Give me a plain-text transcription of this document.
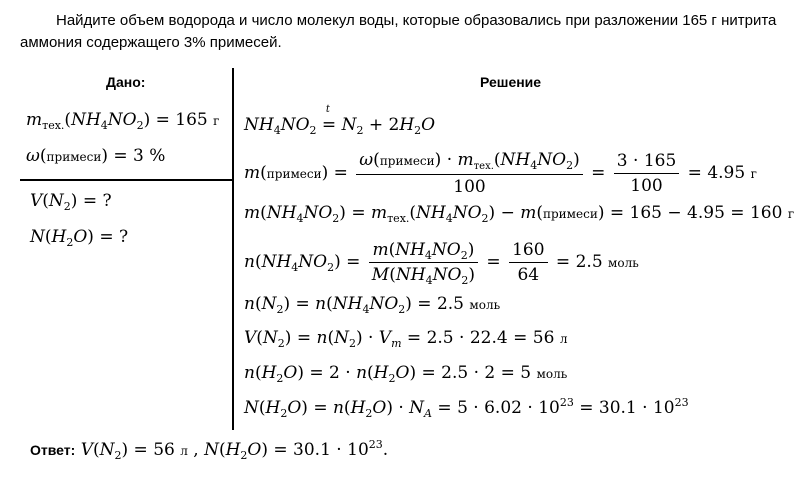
Найдите объем водорода и число молекул воды, которые образовались при разложении 165 г нитрита аммония содержащего 3% примесей.

Дано:	Решение
$m_{тех.}(NH_4NO_2) = 165$ г
ω(примеси) = 3 %
$V(N_2)$ = ?
$N(H_2O)$ = ?
$NH_4NO_2$
t
= $N_2 + 2H_2O$
m(примеси) = $\frac{\omega(примеси) \cdot m_{тех.}(NH_4NO_2)}{100} = \frac{3 \cdot 165}{100} = 4.95$ г
$m(NH_4NO_2) = m_{тех.}(NH_4NO_2)$ − m(примеси) = 165 − 4.95 = 160 г
$n(NH_4NO_2) = \frac{m(NH_4NO_2)}{M(NH_4NO_2)} = \frac{160}{64} = 2.5$ моль
$n(N_2) = n(NH_4NO_2) = 2.5$ моль
$V(N_2) = n(N_2) \cdot V_m = 2.5 \cdot 22.4 = 56$ л
$n(H_2O) = 2 \cdot n(H_2O) = 2.5 \cdot 2 = 5$ моль
$N(H_2O) = n(H_2O) \cdot N_A = 5 \cdot 6.02 \cdot 10^{23} = 30.1 \cdot 10^{23}$
Ответ: $V(N_2) = 56$ л , $N(H_2O) = 30.1 \cdot 10^{23}$.
